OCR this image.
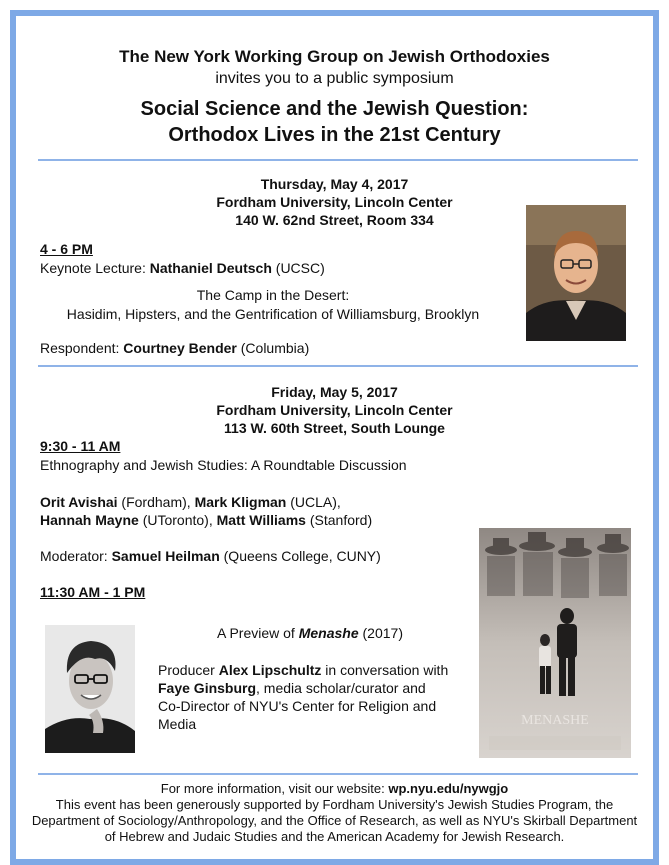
The New York Working Group on Jewish Orthodoxies
invites you to a public symposium
Social Science and the Jewish Question:
Orthodox Lives in the 21st Century
Thursday, May 4, 2017
Fordham University, Lincoln Center
140 W. 62nd Street, Room 334
4 - 6 PM
Keynote Lecture: Nathaniel Deutsch (UCSC)
The Camp in the Desert:
Hasidim, Hipsters, and the Gentrification of Williamsburg, Brooklyn
Respondent: Courtney Bender (Columbia)
Friday, May 5, 2017
Fordham University, Lincoln Center
113 W. 60th Street, South Lounge
9:30 - 11 AM
Ethnography and Jewish Studies: A Roundtable Discussion
Orit Avishai (Fordham), Mark Kligman (UCLA),
Hannah Mayne (UToronto), Matt Williams (Stanford)
Moderator: Samuel Heilman (Queens College, CUNY)
11:30 AM - 1 PM
A Preview of Menashe (2017)
Producer Alex Lipschultz in conversation with
Faye Ginsburg, media scholar/curator and
Co-Director of NYU's Center for Religion and
Media	MENASHE
For more information, visit our website: wp.nyu.edu/nywgjo
This event has been generously supported by Fordham University's Jewish Studies Program, the Department of Sociology/Anthropology, and the Office of Research, as well as NYU's Skirball Department of Hebrew and Judaic Studies and the American Academy for Jewish Research.
